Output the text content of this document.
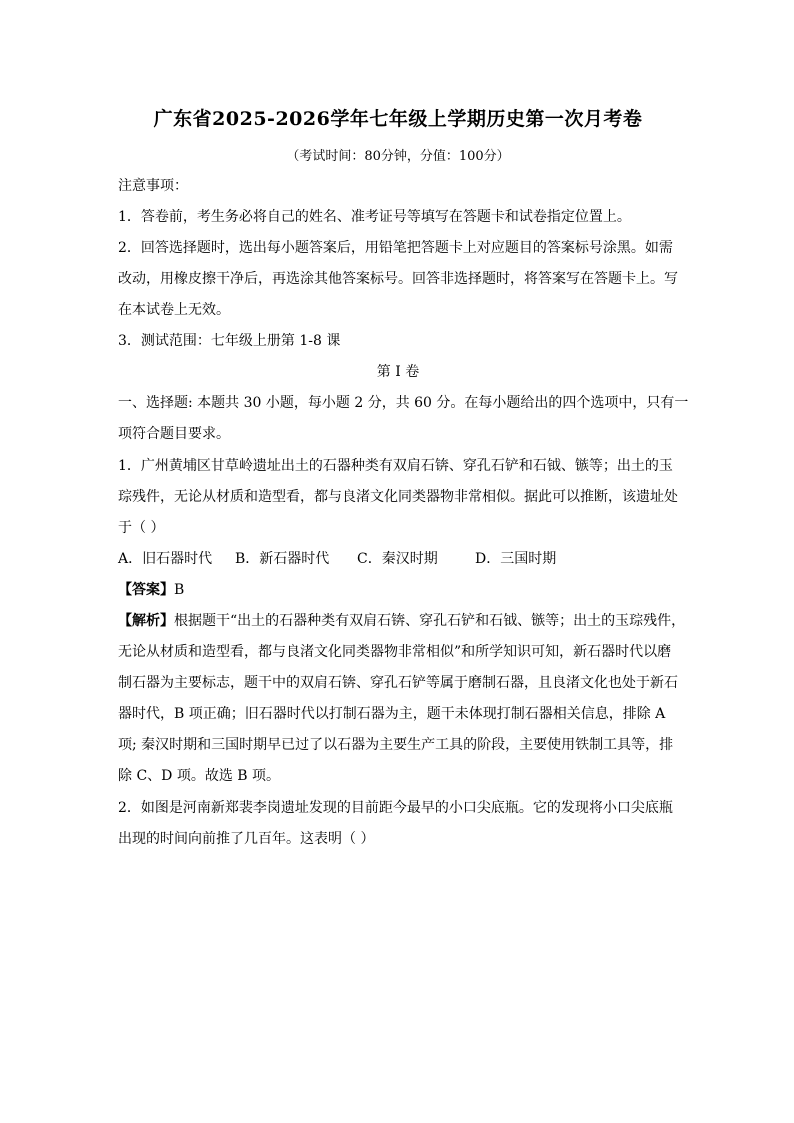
广东省2025-2026学年七年级上学期历史第一次月考卷
（考试时间：80分钟，分值：100分）
注意事项：
1．答卷前，考生务必将自己的姓名、准考证号等填写在答题卡和试卷指定位置上。
2．回答选择题时，选出每小题答案后，用铅笔把答题卡上对应题目的答案标号涂黑。如需
改动，用橡皮擦干净后，再选涂其他答案标号。回答非选择题时，将答案写在答题卡上。写
在本试卷上无效。
3．测试范围：七年级上册第 1-8 课
第 I 卷
一、选择题: 本题共 30 小题，每小题 2 分，共 60 分。在每小题给出的四个选项中，只有一
项符合题目要求。
1．广州黄埔区甘草岭遗址出土的石器种类有双肩石锛、穿孔石铲和石钺、镞等；出土的玉
琮残件，无论从材质和造型看，都与良渚文化同类器物非常相似。据此可以推断，该遗址处
于（ ）
A．旧石器时代 B．新石器时代 C．秦汉时期	D．三国时期
【答案】B
【解析】根据题干“出土的石器种类有双肩石锛、穿孔石铲和石钺、镞等；出土的玉琮残件，
无论从材质和造型看，都与良渚文化同类器物非常相似”和所学知识可知，新石器时代以磨
制石器为主要标志，题干中的双肩石锛、穿孔石铲等属于磨制石器，且良渚文化也处于新石
器时代，B 项正确；旧石器时代以打制石器为主，题干未体现打制石器相关信息，排除 A
项; 秦汉时期和三国时期早已过了以石器为主要生产工具的阶段，主要使用铁制工具等，排
除 C、D 项。故选 B 项。
2．如图是河南新郑裴李岗遗址发现的目前距今最早的小口尖底瓶。它的发现将小口尖底瓶
出现的时间向前推了几百年。这表明（ ）
